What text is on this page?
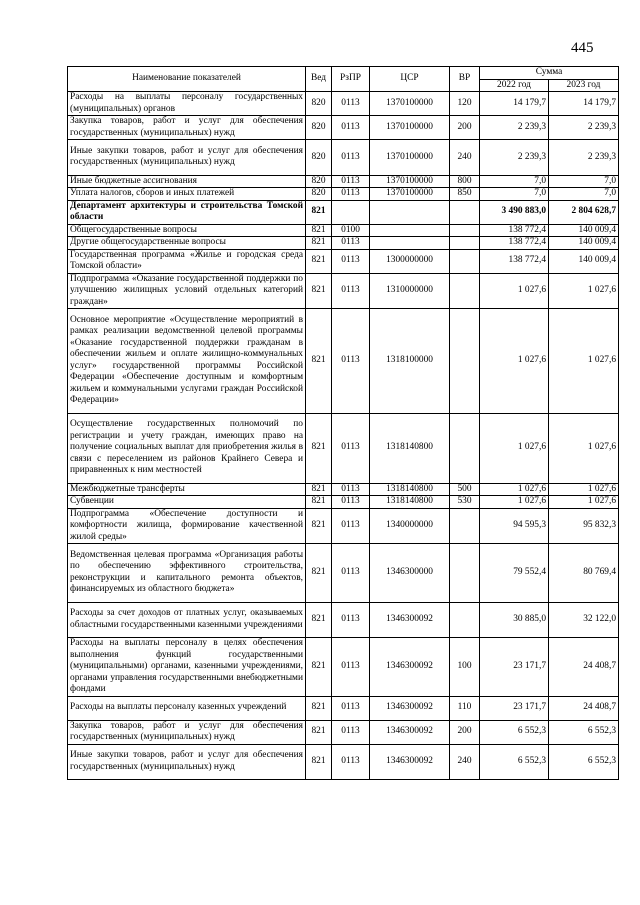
445
Наименование показателей	Вед	РзПР	ЦСР	ВР	Сумма	
					2022 год	2023 год
Расходы на выплаты персоналу государственных (муниципальных) органов	820	0113	1370100000	120	14 179,7	14 179,7
Закупка товаров, работ и услуг для обеспечения государственных (муниципальных) нужд	820	0113	1370100000	200	2 239,3	2 239,3
Иные закупки товаров, работ и услуг для обеспечения государственных (муниципальных) нужд	820	0113	1370100000	240	2 239,3	2 239,3
Иные бюджетные ассигнования	820	0113	1370100000	800	7,0	7,0
Уплата налогов, сборов и иных платежей	820	0113	1370100000	850	7,0	7,0
Департамент архитектуры и строительства Томской области	821				3 490 883,0	2 804 628,7
Общегосударственные вопросы	821	0100			138 772,4	140 009,4
Другие общегосударственные вопросы	821	0113			138 772,4	140 009,4
Государственная программа «Жилье и городская среда Томской области»	821	0113	1300000000		138 772,4	140 009,4
Подпрограмма «Оказание государственной поддержки по улучшению жилищных условий отдельных категорий граждан»	821	0113	1310000000		1 027,6	1 027,6
Основное мероприятие «Осуществление мероприятий в рамках реализации ведомственной целевой программы «Оказание государственной поддержки гражданам в обеспечении жильем и оплате жилищно-коммунальных услуг» государственной программы Российской Федерации «Обеспечение доступным и комфортным жильем и коммунальными услугами граждан Российской Федерации»	821	0113	1318100000		1 027,6	1 027,6
Осуществление государственных полномочий по регистрации и учету граждан, имеющих право на получение социальных выплат для приобретения жилья в связи с переселением из районов Крайнего Севера и приравненных к ним местностей	821	0113	1318140800		1 027,6	1 027,6
Межбюджетные трансферты	821	0113	1318140800	500	1 027,6	1 027,6
Субвенции	821	0113	1318140800	530	1 027,6	1 027,6
Подпрограмма «Обеспечение доступности и комфортности жилища, формирование качественной жилой среды»	821	0113	1340000000		94 595,3	95 832,3
Ведомственная целевая программа «Организация работы по обеспечению эффективного строительства, реконструкции и капитального ремонта объектов, финансируемых из областного бюджета»	821	0113	1346300000		79 552,4	80 769,4
Расходы за счет доходов от платных услуг, оказываемых областными государственными казенными учреждениями	821	0113	1346300092		30 885,0	32 122,0
Расходы на выплаты персоналу в целях обеспечения выполнения функций государственными (муниципальными) органами, казенными учреждениями, органами управления государственными внебюджетными фондами	821	0113	1346300092	100	23 171,7	24 408,7
Расходы на выплаты персоналу казенных учреждений	821	0113	1346300092	110	23 171,7	24 408,7
Закупка товаров, работ и услуг для обеспечения государственных (муниципальных) нужд	821	0113	1346300092	200	6 552,3	6 552,3
Иные закупки товаров, работ и услуг для обеспечения государственных (муниципальных) нужд	821	0113	1346300092	240	6 552,3	6 552,3
